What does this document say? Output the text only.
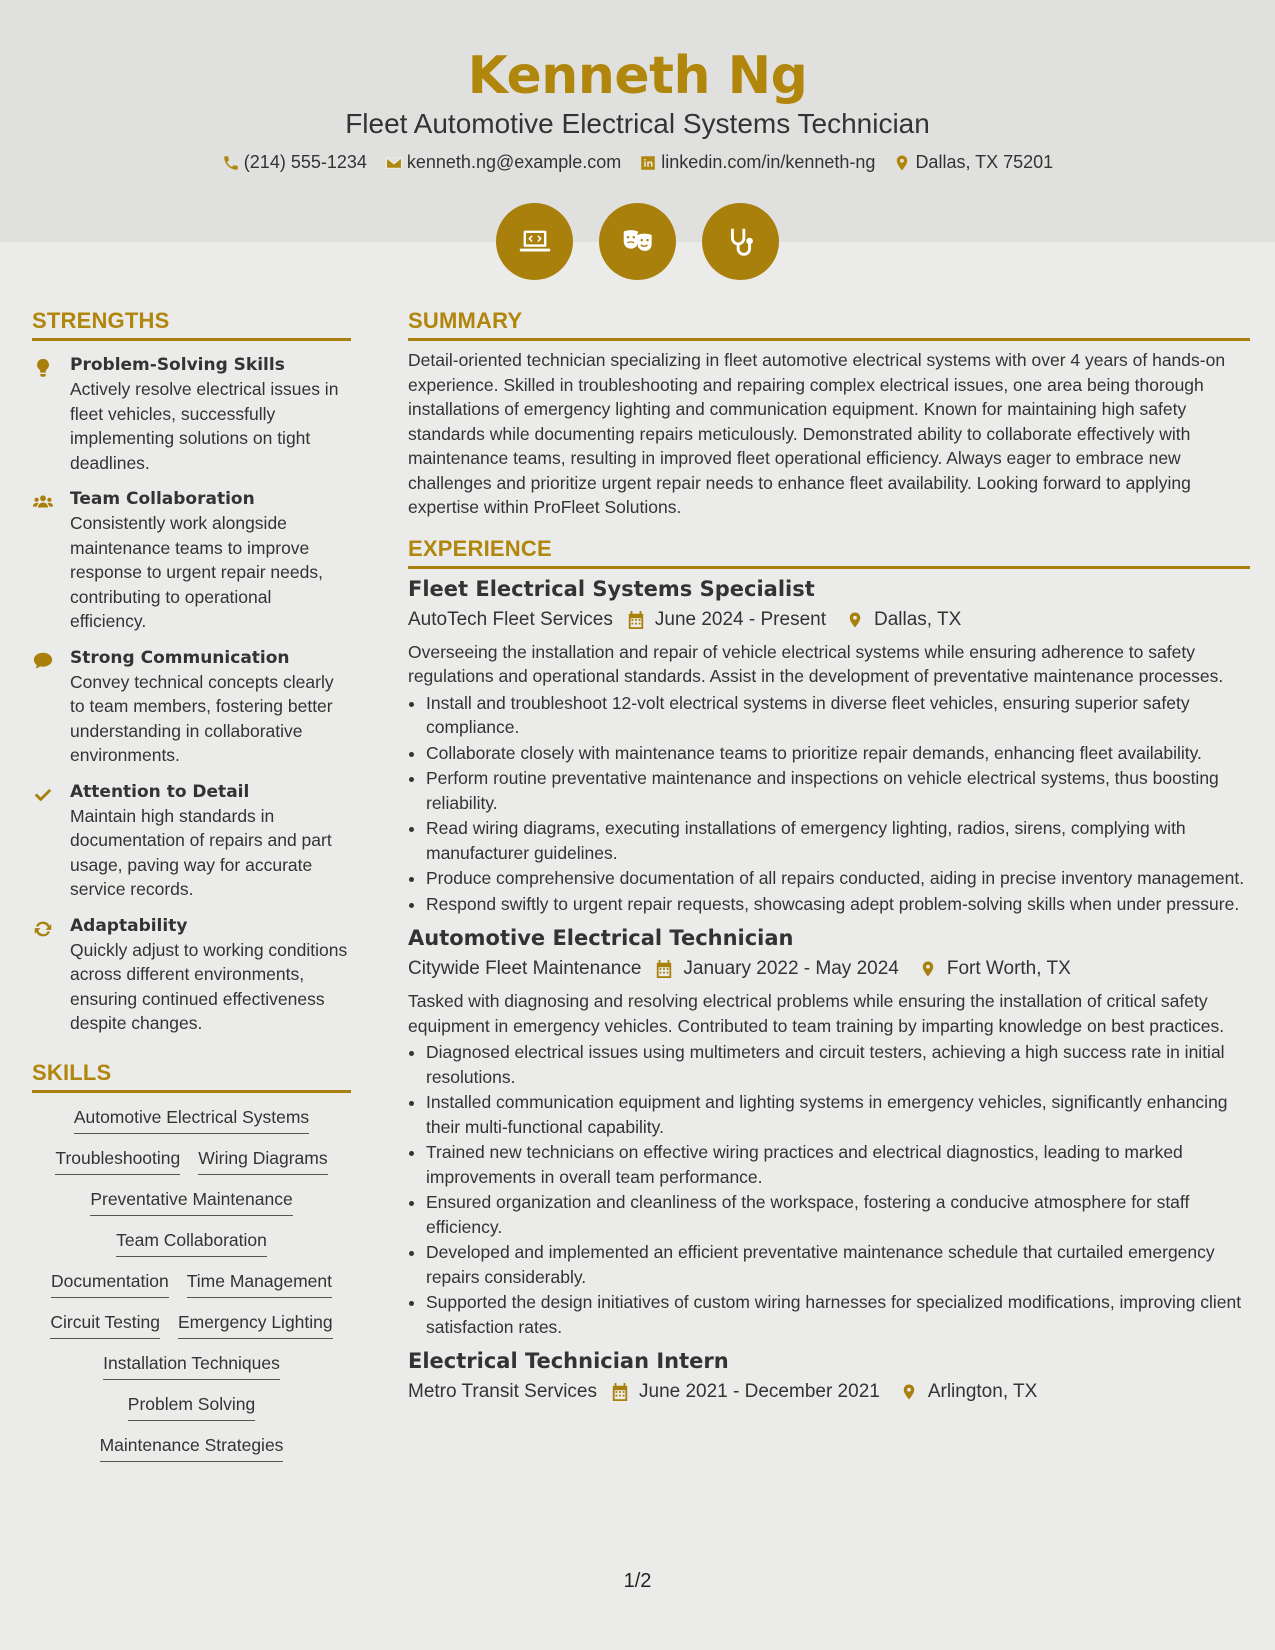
Kenneth Ng
Fleet Automotive Electrical Systems Technician
(214) 555-1234 kenneth.ng@example.com linkedin.com/in/kenneth-ng Dallas, TX 75201
STRENGTHS
Problem-Solving Skills
Actively resolve electrical issues in fleet vehicles, successfully implementing solutions on tight deadlines.
Team Collaboration
Consistently work alongside maintenance teams to improve response to urgent repair needs, contributing to operational efficiency.
Strong Communication
Convey technical concepts clearly to team members, fostering better understanding in collaborative environments.
Attention to Detail
Maintain high standards in documentation of repairs and part usage, paving way for accurate service records.
Adaptability
Quickly adjust to working conditions across different environments, ensuring continued effectiveness despite changes.
SKILLS
Automotive Electrical Systems
Troubleshooting Wiring Diagrams
Preventative Maintenance
Team Collaboration
Documentation Time Management
Circuit Testing Emergency Lighting
Installation Techniques
Problem Solving
Maintenance Strategies
SUMMARY
Detail-oriented technician specializing in fleet automotive electrical systems with over 4 years of hands-on experience. Skilled in troubleshooting and repairing complex electrical issues, one area being thorough installations of emergency lighting and communication equipment. Known for maintaining high safety standards while documenting repairs meticulously. Demonstrated ability to collaborate effectively with maintenance teams, resulting in improved fleet operational efficiency. Always eager to embrace new challenges and prioritize urgent repair needs to enhance fleet availability. Looking forward to applying expertise within ProFleet Solutions.
EXPERIENCE
Fleet Electrical Systems Specialist
AutoTech Fleet Services June 2024 - Present	Dallas, TX
Overseeing the installation and repair of vehicle electrical systems while ensuring adherence to safety regulations and operational standards. Assist in the development of preventative maintenance processes.
• Install and troubleshoot 12-volt electrical systems in diverse fleet vehicles, ensuring superior safety compliance.
• Collaborate closely with maintenance teams to prioritize repair demands, enhancing fleet availability.
• Perform routine preventative maintenance and inspections on vehicle electrical systems, thus boosting reliability.
• Read wiring diagrams, executing installations of emergency lighting, radios, sirens, complying with manufacturer guidelines.
• Produce comprehensive documentation of all repairs conducted, aiding in precise inventory management.
• Respond swiftly to urgent repair requests, showcasing adept problem-solving skills when under pressure.
Automotive Electrical Technician
Citywide Fleet Maintenance January 2022 - May 2024	Fort Worth, TX
Tasked with diagnosing and resolving electrical problems while ensuring the installation of critical safety equipment in emergency vehicles. Contributed to team training by imparting knowledge on best practices.
• Diagnosed electrical issues using multimeters and circuit testers, achieving a high success rate in initial resolutions.
• Installed communication equipment and lighting systems in emergency vehicles, significantly enhancing their multi-functional capability.
• Trained new technicians on effective wiring practices and electrical diagnostics, leading to marked improvements in overall team performance.
• Ensured organization and cleanliness of the workspace, fostering a conducive atmosphere for staff efficiency.
• Developed and implemented an efficient preventative maintenance schedule that curtailed emergency repairs considerably.
• Supported the design initiatives of custom wiring harnesses for specialized modifications, improving client satisfaction rates.
Electrical Technician Intern
Metro Transit Services June 2021 - December 2021	Arlington, TX
1/2
